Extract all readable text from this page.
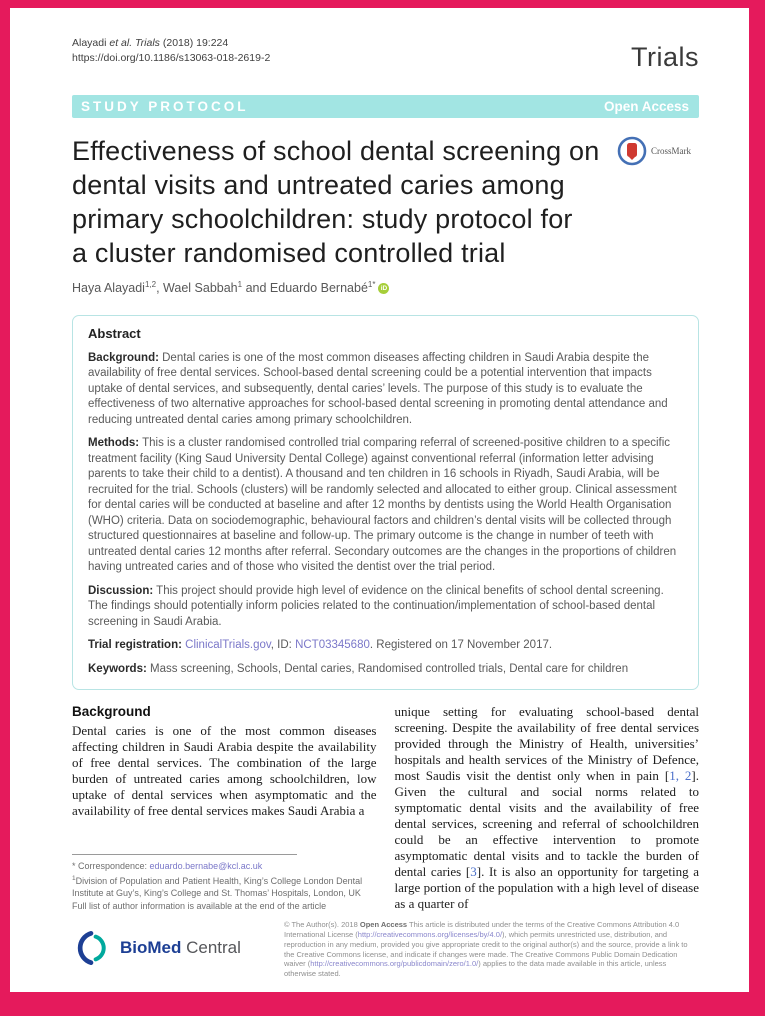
Alayadi et al. Trials (2018) 19:224
https://doi.org/10.1186/s13063-018-2619-2	Trials
STUDY PROTOCOL	Open Access
Effectiveness of school dental screening on
dental visits and untreated caries among
primary schoolchildren: study protocol for
a cluster randomised controlled trial
CrossMark
Haya Alayadi$^{1,2}$, Wael Sabbah$^1$ and Eduardo Bernabé$^{1*}$ iD
Abstract

Background: Dental caries is one of the most common diseases affecting children in Saudi Arabia despite the availability of free dental services. School-based dental screening could be a potential intervention that impacts uptake of dental services, and subsequently, dental caries’ levels. The purpose of this study is to evaluate the effectiveness of two alternative approaches for school-based dental screening in promoting dental attendance and reducing untreated dental caries among primary schoolchildren.

Methods: This is a cluster randomised controlled trial comparing referral of screened-positive children to a specific treatment facility (King Saud University Dental College) against conventional referral (information letter advising parents to take their child to a dentist). A thousand and ten children in 16 schools in Riyadh, Saudi Arabia, will be recruited for the trial. Schools (clusters) will be randomly selected and allocated to either group. Clinical assessment for dental caries will be conducted at baseline and after 12 months by dentists using the World Health Organisation (WHO) criteria. Data on sociodemographic, behavioural factors and children’s dental visits will be collected through structured questionnaires at baseline and follow-up. The primary outcome is the change in number of teeth with untreated dental caries 12 months after referral. Secondary outcomes are the changes in the proportions of children having untreated caries and of those who visited the dentist over the trial period.

Discussion: This project should provide high level of evidence on the clinical benefits of school dental screening. The findings should potentially inform policies related to the continuation/implementation of school-based dental screening in Saudi Arabia.

Trial registration: ClinicalTrials.gov, ID: NCT03345680. Registered on 17 November 2017.

Keywords: Mass screening, Schools, Dental caries, Randomised controlled trials, Dental care for children

Background
Dental caries is one of the most common diseases affecting children in Saudi Arabia despite the availability of free dental services. The combination of the large burden of untreated caries among schoolchildren, low uptake of dental services when asymptomatic and the availability of free dental services makes Saudi Arabia a
* Correspondence: eduardo.bernabe@kcl.ac.uk
$^1$Division of Population and Patient Health, King’s College London Dental Institute at Guy’s, King’s College and St. Thomas’ Hospitals, London, UK
Full list of author information is available at the end of the article
unique setting for evaluating school-based dental screening. Despite the availability of free dental services provided through the Ministry of Health, universities’ hospitals and health services of the Ministry of Defence, most Saudis visit the dentist only when in pain [1, 2]. Given the cultural and social norms related to symptomatic dental visits and the availability of free dental services, screening and referral of schoolchildren could be an effective intervention to promote asymptomatic dental visits and to tackle the burden of dental caries [3]. It is also an opportunity for targeting a large portion of the population with a high level of disease as a quarter of
BioMed Central
© The Author(s). 2018 Open Access This article is distributed under the terms of the Creative Commons Attribution 4.0 International License (http://creativecommons.org/licenses/by/4.0/), which permits unrestricted use, distribution, and reproduction in any medium, provided you give appropriate credit to the original author(s) and the source, provide a link to the Creative Commons license, and indicate if changes were made. The Creative Commons Public Domain Dedication waiver (http://creativecommons.org/publicdomain/zero/1.0/) applies to the data made available in this article, unless otherwise stated.
